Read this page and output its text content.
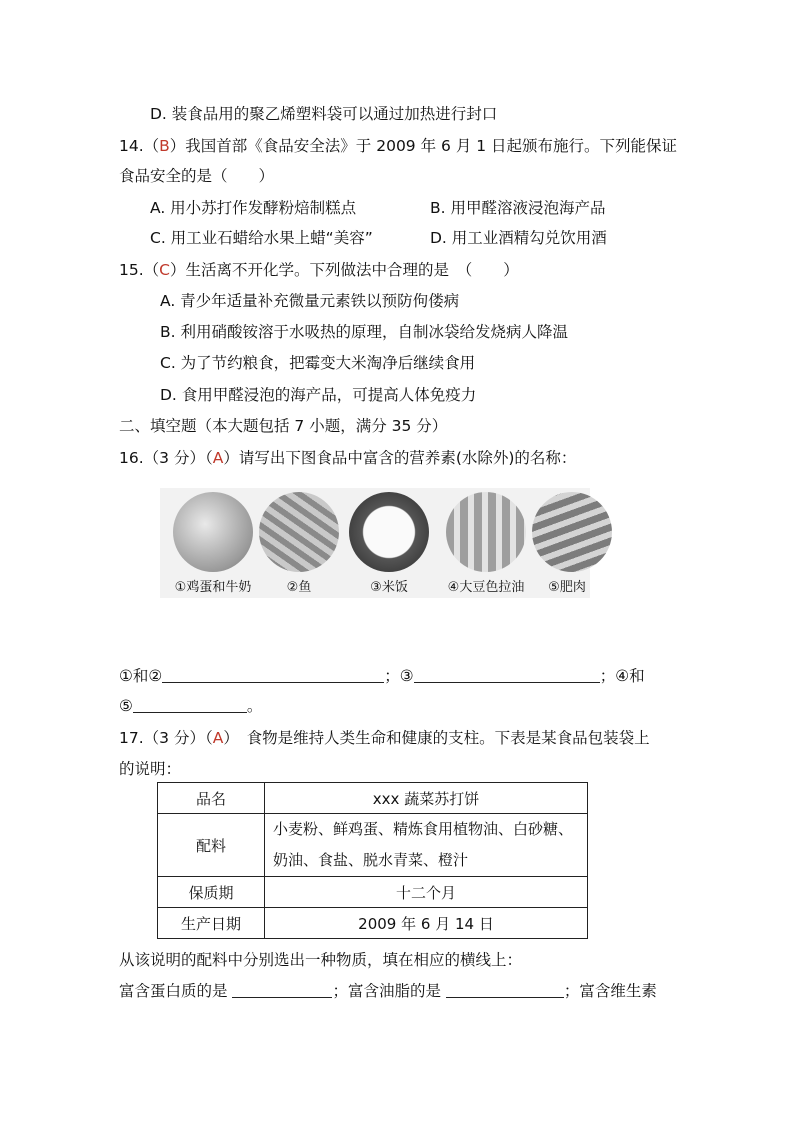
D. 装食品用的聚乙烯塑料袋可以通过加热进行封口
14.（B）我国首部《食品安全法》于 2009 年 6 月 1 日起颁布施行。下列能保证
食品安全的是（　　）
A. 用小苏打作发酵粉焙制糕点	B. 用甲醛溶液浸泡海产品
C. 用工业石蜡给水果上蜡“美容”	D. 用工业酒精勾兑饮用酒
15.（C）生活离不开化学。下列做法中合理的是　（　　）
A. 青少年适量补充微量元素铁以预防佝偻病
B. 利用硝酸铵溶于水吸热的原理，自制冰袋给发烧病人降温
C. 为了节约粮食，把霉变大米淘净后继续食用
D. 食用甲醛浸泡的海产品，可提高人体免疫力
二、填空题（本大题包括 7 小题，满分 35 分）
16.（3 分）（A）请写出下图食品中富含的营养素(水除外)的名称：
①鸡蛋和牛奶	②鱼	③米饭	④大豆色拉油	⑤肥肉
①和②	；③	；④和
⑤	。
17.（3 分）（A）　食物是维持人类生命和健康的支柱。下表是某食品包装袋上
的说明：
品名	xxx 蔬菜苏打饼
配料	小麦粉、鲜鸡蛋、精炼食用植物油、白砂糖、
奶油、食盐、脱水青菜、橙汁

保质期	十二个月
生产日期	2009 年 6 月 14 日
从该说明的配料中分别选出一种物质，填在相应的横线上：
富含蛋白质的是	；富含油脂的是	；富含维生素
